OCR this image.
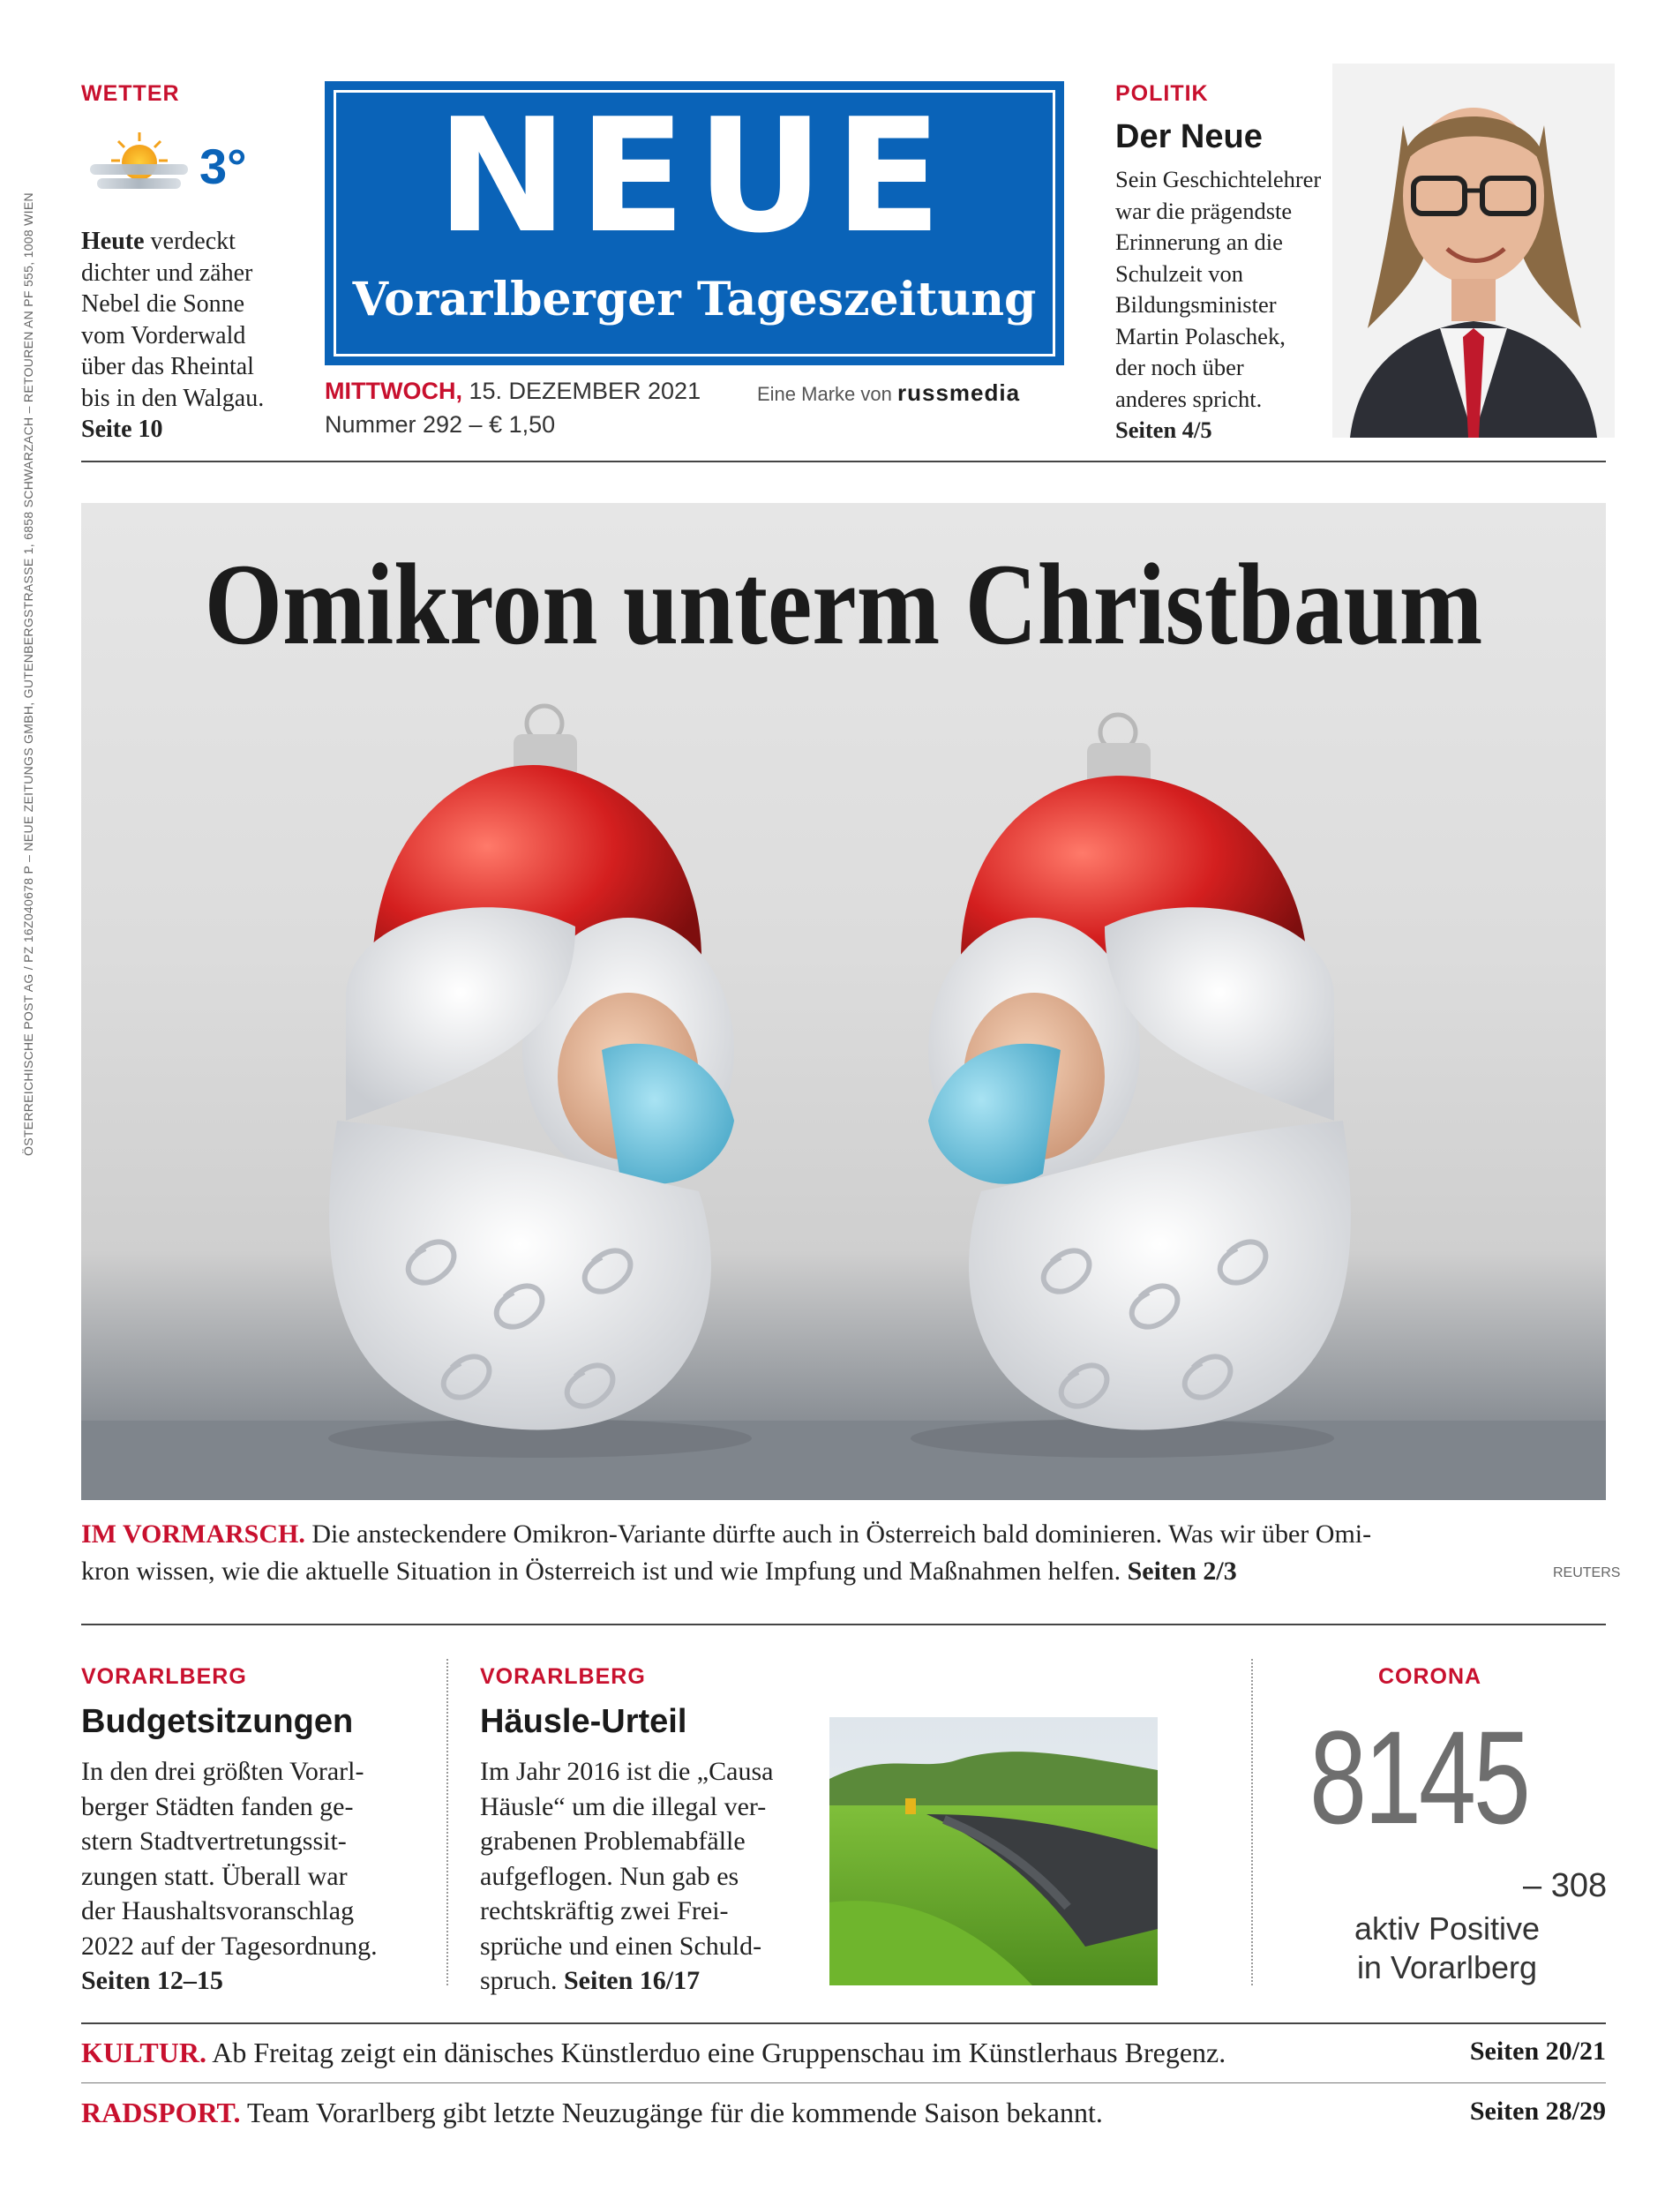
ÖSTERREICHISCHE POST AG / PZ 16Z040678 P – NEUE ZEITUNGS GMBH, GUTENBERGSTRASSE 1, 6858 SCHWARZACH – RETOUREN AN PF 555, 1008 WIEN
WETTER
3°
Heute verdeckt
dichter und zäher
Nebel die Sonne
vom Vorderwald
über das Rheintal
bis in den Walgau.
Seite 10
NEUE
Vorarlberger Tageszeitung
MITTWOCH, 15. DEZEMBER 2021
Nummer 292 – € 1,50
Eine Marke von russmedia
POLITIK
Der Neue
Sein Geschichtelehrer
war die prägendste
Erinnerung an die
Schulzeit von
Bildungsminister
Martin Polaschek,
der noch über
anderes spricht.
Seiten 4/5
Omikron unterm Christbaum
IM VORMARSCH. Die ansteckendere Omikron-Variante dürfte auch in Österreich bald dominieren. Was wir über Omi-
kron wissen, wie die aktuelle Situation in Österreich ist und wie Impfung und Maßnahmen helfen. Seiten 2/3	REUTERS
VORARLBERG
Budgetsitzungen
In den drei größten Vorarl-
berger Städten fanden ge-
stern Stadtvertretungssit-
zungen statt. Überall war
der Haushaltsvoranschlag
2022 auf der Tagesordnung.
Seiten 12–15
VORARLBERG
Häusle-Urteil
Im Jahr 2016 ist die „Causa
Häusle“ um die illegal ver-
grabenen Problemabfälle
aufgeflogen. Nun gab es
rechtskräftig zwei Frei-
sprüche und einen Schuld-
spruch. Seiten 16/17
CORONA
8145
– 308
aktiv Positive
in Vorarlberg
KULTUR. Ab Freitag zeigt ein dänisches Künstlerduo eine Gruppenschau im Künstlerhaus Bregenz.	Seiten 20/21
RADSPORT. Team Vorarlberg gibt letzte Neuzugänge für die kommende Saison bekannt.	Seiten 28/29
